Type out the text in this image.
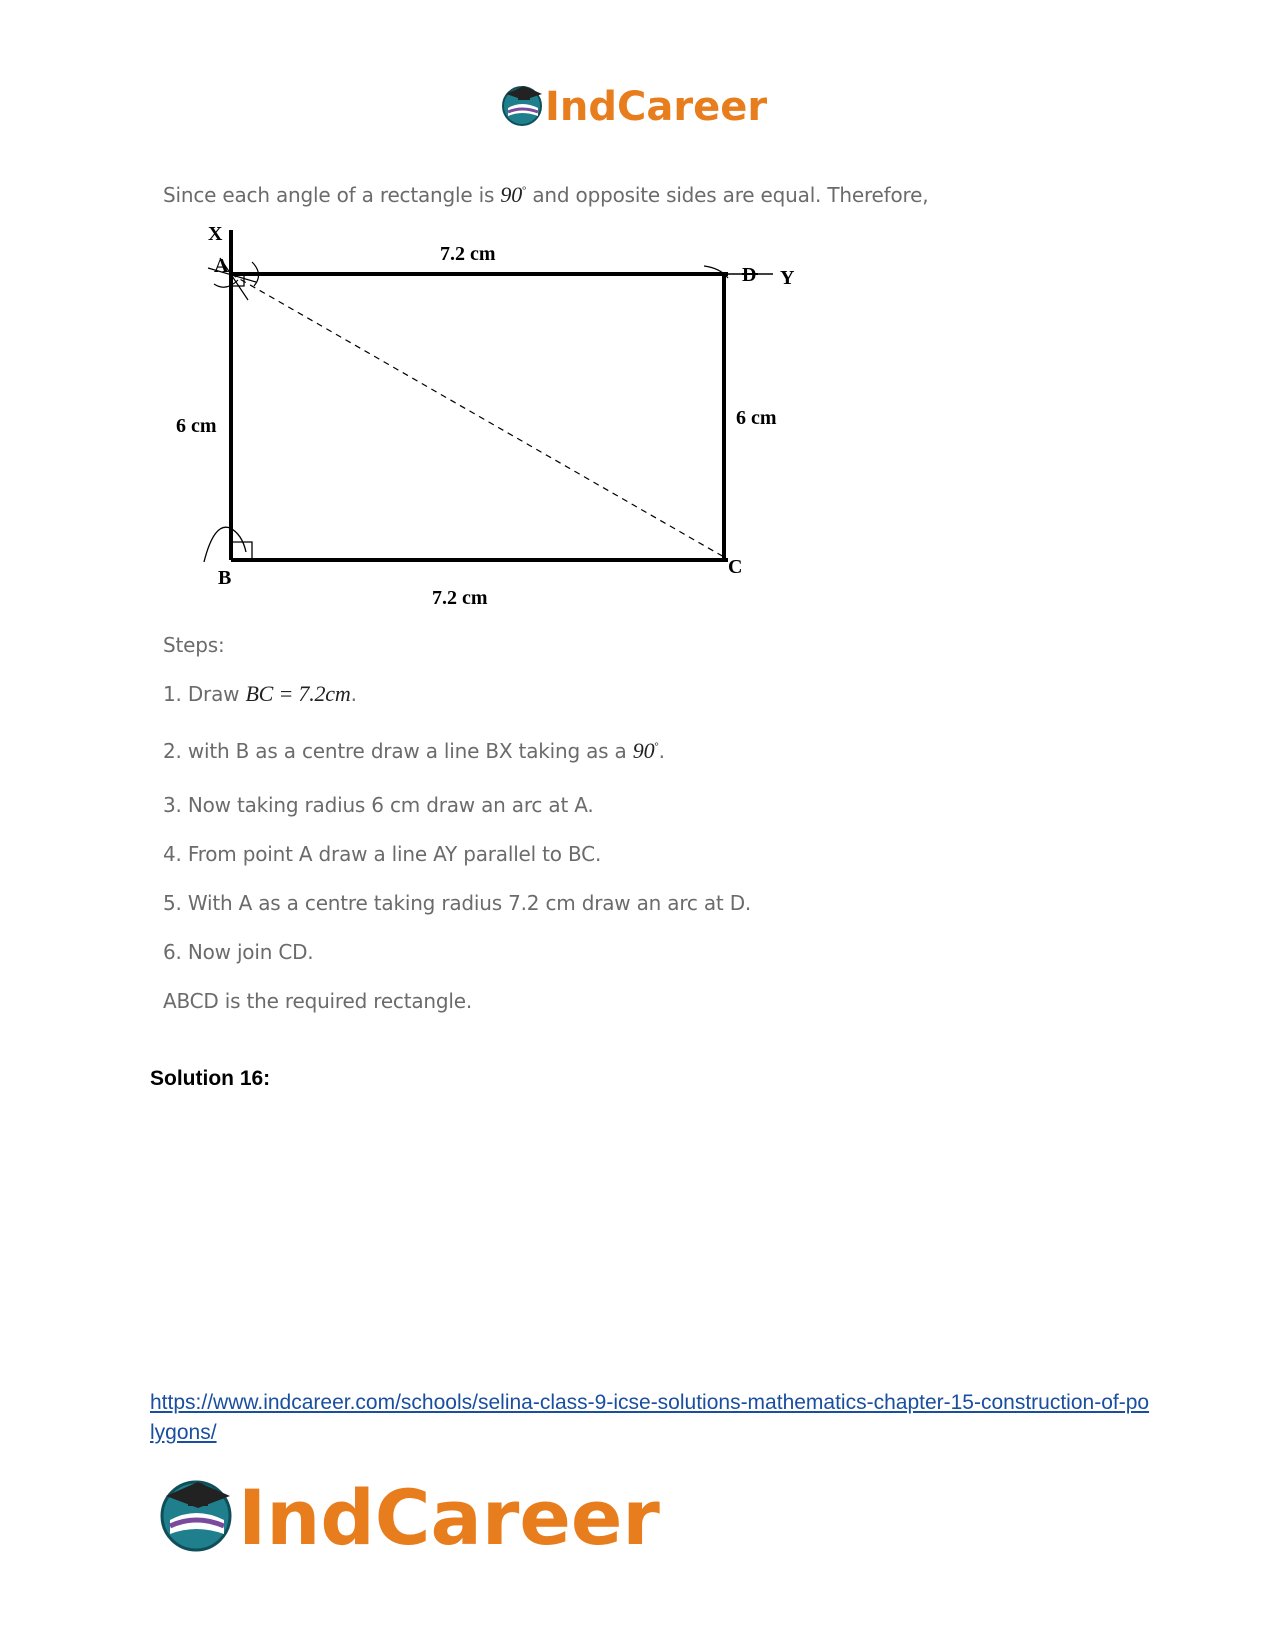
IndCareer
Since each angle of a rectangle is 90° and opposite sides are equal. Therefore,
X
A
B	C
D Y
7.2 cm
7.2 cm
6 cm	6 cm
Steps:
1. Draw BC = 7.2cm.
2. with B as a centre draw a line BX taking as a 90°.
3. Now taking radius 6 cm draw an arc at A.
4. From point A draw a line AY parallel to BC.
5. With A as a centre taking radius 7.2 cm draw an arc at D.
6. Now join CD.
ABCD is the required rectangle.
Solution 16:
https://www.indcareer.com/schools/selina-class-9-icse-solutions-mathematics-chapter-15-construction-of-polygons/
IndCareer
